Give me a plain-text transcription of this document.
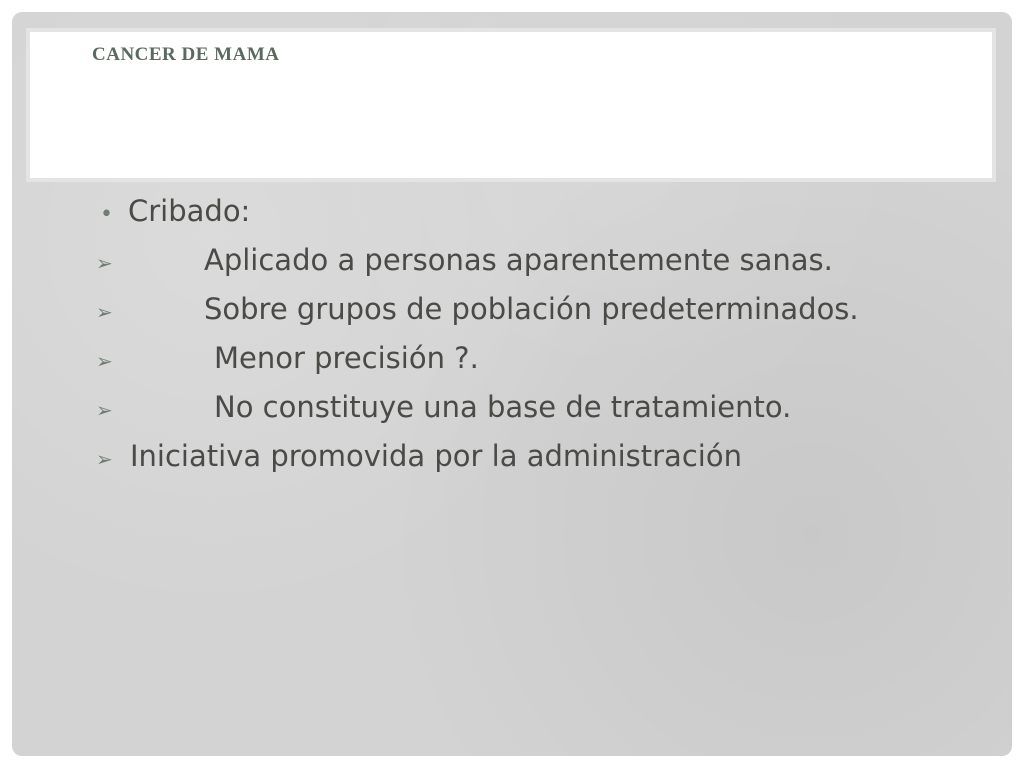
CANCER DE MAMA
• Cribado:
➢	Aplicado a personas aparentemente sanas.
➢	Sobre grupos de población predeterminados.
➢	Menor precisión ?.
➢	No constituye una base de tratamiento.
➢ Iniciativa promovida por la administración
